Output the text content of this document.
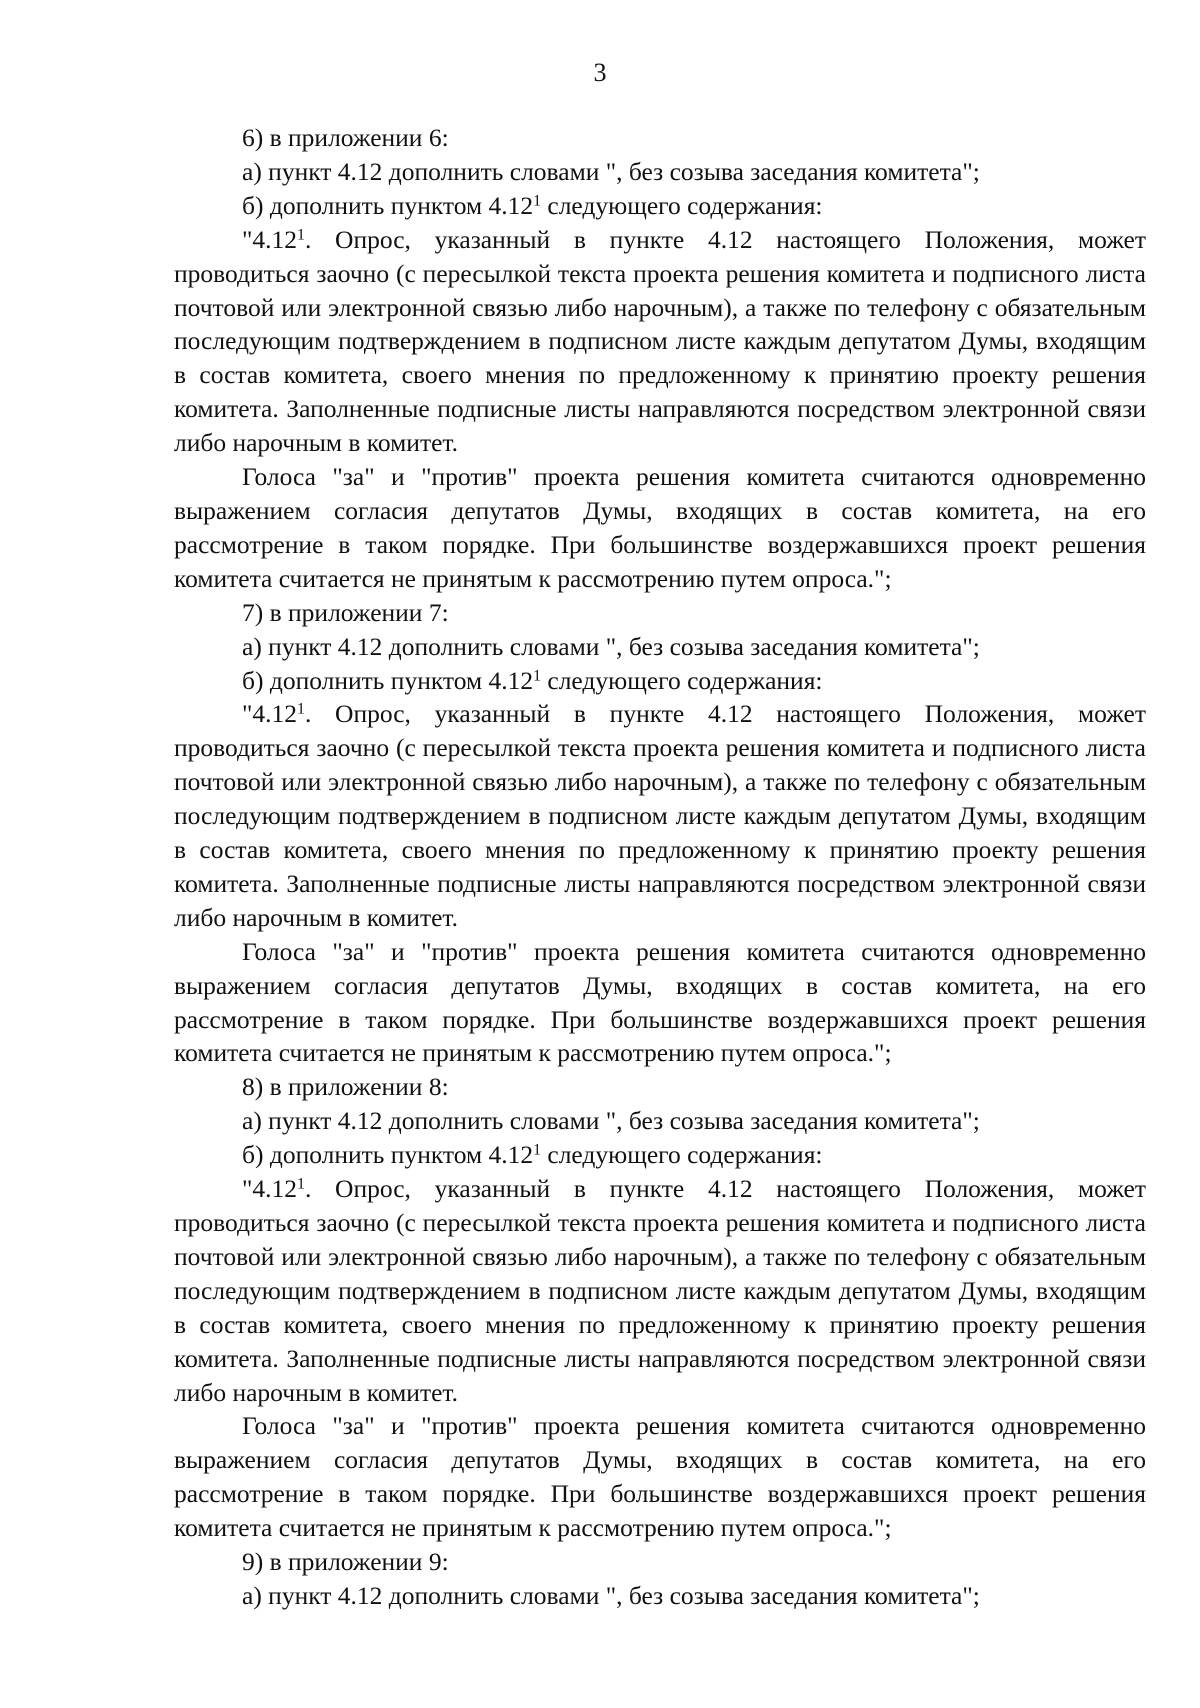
3

6) в приложении 6:

а) пункт 4.12 дополнить словами ", без созыва заседания комитета";

б) дополнить пунктом 4.12$^1$ следующего содержания:

"4.12$^1$. Опрос, указанный в пункте 4.12 настоящего Положения, может проводиться заочно (с пересылкой текста проекта решения комитета и подписного листа почтовой или электронной связью либо нарочным), а также по телефону с обязательным последующим подтверждением в подписном листе каждым депутатом Думы, входящим в состав комитета, своего мнения по предложенному к принятию проекту решения комитета. Заполненные подписные листы направляются посредством электронной связи либо нарочным в комитет.

Голоса "за" и "против" проекта решения комитета считаются одновременно выражением согласия депутатов Думы, входящих в состав комитета, на его рассмотрение в таком порядке. При большинстве воздержавшихся проект решения комитета считается не принятым к рассмотрению путем опроса.";

7) в приложении 7:

а) пункт 4.12 дополнить словами ", без созыва заседания комитета";

б) дополнить пунктом 4.12$^1$ следующего содержания:

"4.12$^1$. Опрос, указанный в пункте 4.12 настоящего Положения, может проводиться заочно (с пересылкой текста проекта решения комитета и подписного листа почтовой или электронной связью либо нарочным), а также по телефону с обязательным последующим подтверждением в подписном листе каждым депутатом Думы, входящим в состав комитета, своего мнения по предложенному к принятию проекту решения комитета. Заполненные подписные листы направляются посредством электронной связи либо нарочным в комитет.

Голоса "за" и "против" проекта решения комитета считаются одновременно выражением согласия депутатов Думы, входящих в состав комитета, на его рассмотрение в таком порядке. При большинстве воздержавшихся проект решения комитета считается не принятым к рассмотрению путем опроса.";

8) в приложении 8:

а) пункт 4.12 дополнить словами ", без созыва заседания комитета";

б) дополнить пунктом 4.12$^1$ следующего содержания:

"4.12$^1$. Опрос, указанный в пункте 4.12 настоящего Положения, может проводиться заочно (с пересылкой текста проекта решения комитета и подписного листа почтовой или электронной связью либо нарочным), а также по телефону с обязательным последующим подтверждением в подписном листе каждым депутатом Думы, входящим в состав комитета, своего мнения по предложенному к принятию проекту решения комитета. Заполненные подписные листы направляются посредством электронной связи либо нарочным в комитет.

Голоса "за" и "против" проекта решения комитета считаются одновременно выражением согласия депутатов Думы, входящих в состав комитета, на его рассмотрение в таком порядке. При большинстве воздержавшихся проект решения комитета считается не принятым к рассмотрению путем опроса.";

9) в приложении 9:

а) пункт 4.12 дополнить словами ", без созыва заседания комитета";
